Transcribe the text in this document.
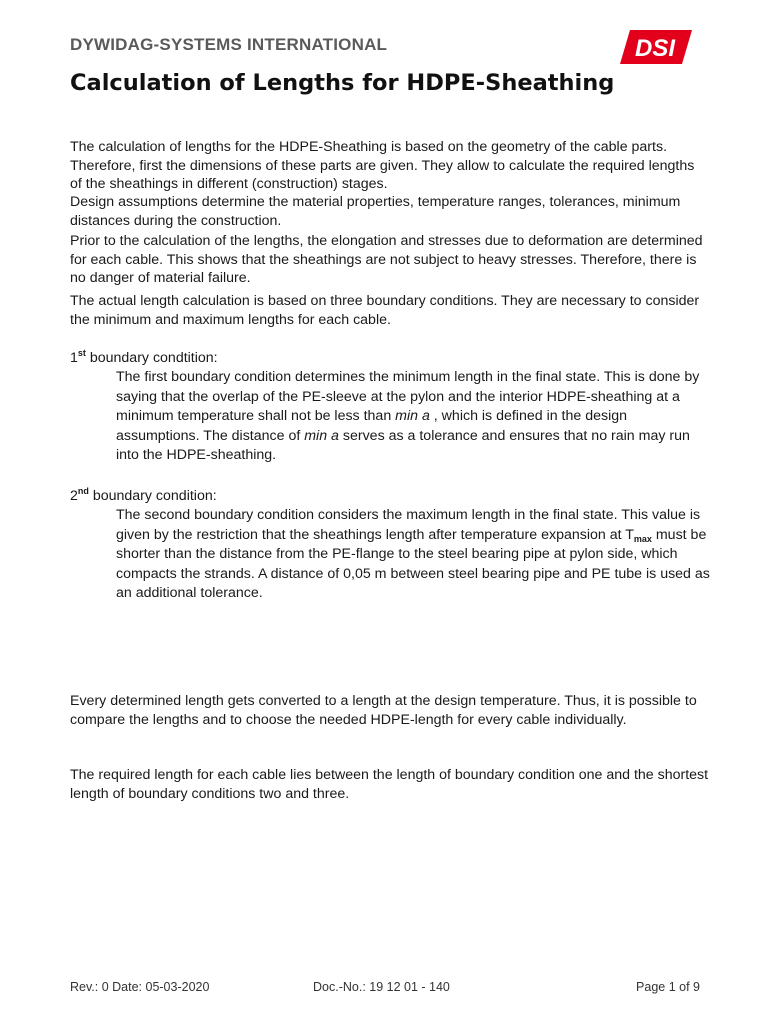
DYWIDAG-SYSTEMS INTERNATIONAL	DSI
Calculation of Lengths for HDPE-Sheathing

The calculation of lengths for the HDPE-Sheathing is based on the geometry of the cable parts. Therefore, first the dimensions of these parts are given. They allow to calculate the required lengths of the sheathings in different (construction) stages.

Design assumptions determine the material properties, temperature ranges, tolerances, minimum distances during the construction.

Prior to the calculation of the lengths, the elongation and stresses due to deformation are determined for each cable. This shows that the sheathings are not subject to heavy stresses. Therefore, there is no danger of material failure.

The actual length calculation is based on three boundary conditions. They are necessary to consider the minimum and maximum lengths for each cable.

1st boundary condtition:

The first boundary condition determines the minimum length in the final state. This is done by saying that the overlap of the PE-sleeve at the pylon and the interior HDPE-sheathing at a minimum temperature shall not be less than min a , which is defined in the design assumptions. The distance of min a serves as a tolerance and ensures that no rain may run into the HDPE-sheathing.

2nd boundary condition:

The second boundary condition considers the maximum length in the final state. This value is given by the restriction that the sheathings length after temperature expansion at $T_{max}$ must be shorter than the distance from the PE-flange to the steel bearing pipe at pylon side, which compacts the strands. A distance of 0,05 m between steel bearing pipe and PE tube is used as an additional tolerance.

Every determined length gets converted to a length at the design temperature. Thus, it is possible to compare the lengths and to choose the needed HDPE-length for every cable individually.

The required length for each cable lies between the length of boundary condition one and the shortest length of boundary conditions two and three.

Rev.: 0 Date: 05-03-2020	Doc.-No.: 19 12 01 - 140	Page 1 of 9
